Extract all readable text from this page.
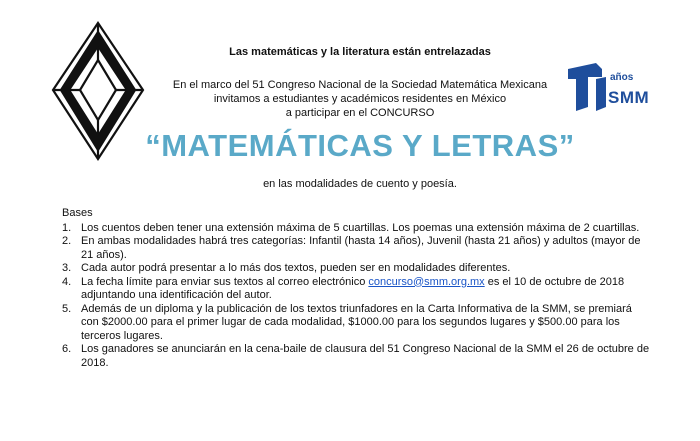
años
SMM
Las matemáticas y la literatura están entrelazadas
En el marco del 51 Congreso Nacional de la Sociedad Matemática Mexicana
invitamos a estudiantes y académicos residentes en México
a participar en el CONCURSO
“MATEMÁTICAS Y LETRAS”
en las modalidades de cuento y poesía.
Bases
1. Los cuentos deben tener una extensión máxima de 5 cuartillas. Los poemas una extensión máxima de 2 cuartillas.
2. En ambas modalidades habrá tres categorías: Infantil (hasta 14 años), Juvenil (hasta 21 años) y adultos (mayor de 21 años).
3. Cada autor podrá presentar a lo más dos textos, pueden ser en modalidades diferentes.
4. La fecha límite para enviar sus textos al correo electrónico concurso@smm.org.mx es el 10 de octubre de 2018 adjuntando una identificación del autor.
5. Además de un diploma y la publicación de los textos triunfadores en la Carta Informativa de la SMM, se premiará con $2000.00 para el primer lugar de cada modalidad, $1000.00 para los segundos lugares y $500.00 para los terceros lugares.
6. Los ganadores se anunciarán en la cena-baile de clausura del 51 Congreso Nacional de la SMM el 26 de octubre de 2018.
